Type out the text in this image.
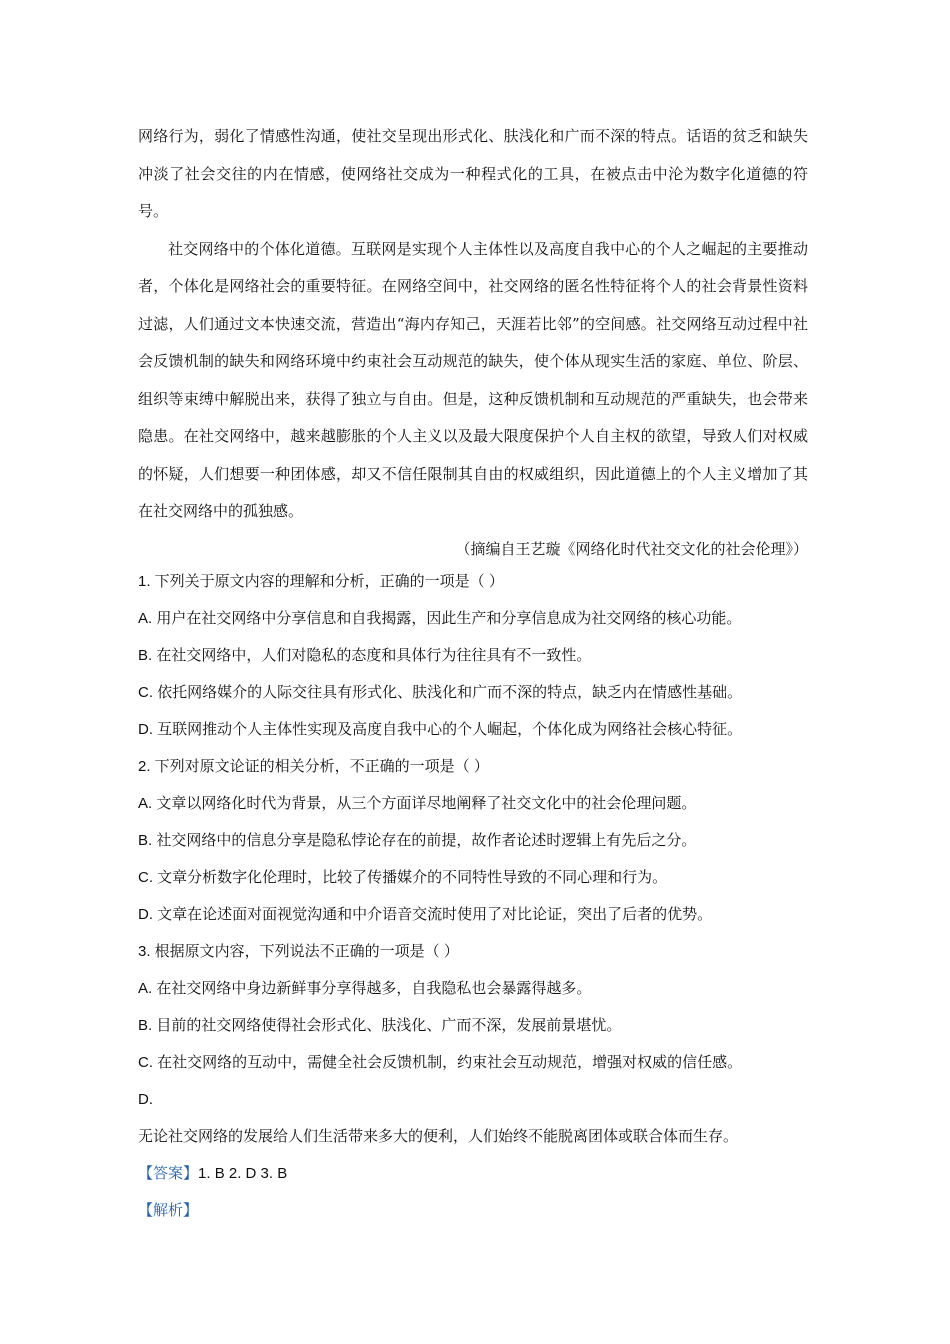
网络行为，弱化了情感性沟通，使社交呈现出形式化、肤浅化和广而不深的特点。话语的贫乏和缺失冲淡了社会交往的内在情感，使网络社交成为一种程式化的工具，在被点击中沦为数字化道德的符号。

社交网络中的个体化道德。互联网是实现个人主体性以及高度自我中心的个人之崛起的主要推动者，个体化是网络社会的重要特征。在网络空间中，社交网络的匿名性特征将个人的社会背景性资料过滤，人们通过文本快速交流，营造出“海内存知己，天涯若比邻”的空间感。社交网络互动过程中社会反馈机制的缺失和网络环境中约束社会互动规范的缺失，使个体从现实生活的家庭、单位、阶层、组织等束缚中解脱出来，获得了独立与自由。但是，这种反馈机制和互动规范的严重缺失，也会带来隐患。在社交网络中，越来越膨胀的个人主义以及最大限度保护个人自主权的欲望，导致人们对权威的怀疑，人们想要一种团体感，却又不信任限制其自由的权威组织，因此道德上的个人主义增加了其在社交网络中的孤独感。

（摘编自王艺璇《网络化时代社交文化的社会伦理》）

1. 下列关于原文内容的理解和分析，正确的一项是（ ）

A. 用户在社交网络中分享信息和自我揭露，因此生产和分享信息成为社交网络的核心功能。

B. 在社交网络中，人们对隐私的态度和具体行为往往具有不一致性。

C. 依托网络媒介的人际交往具有形式化、肤浅化和广而不深的特点，缺乏内在情感性基础。

D. 互联网推动个人主体性实现及高度自我中心的个人崛起，个体化成为网络社会核心特征。

2. 下列对原文论证的相关分析，不正确的一项是（ ）

A. 文章以网络化时代为背景，从三个方面详尽地阐释了社交文化中的社会伦理问题。

B. 社交网络中的信息分享是隐私悖论存在的前提，故作者论述时逻辑上有先后之分。

C. 文章分析数字化伦理时，比较了传播媒介的不同特性导致的不同心理和行为。

D. 文章在论述面对面视觉沟通和中介语音交流时使用了对比论证，突出了后者的优势。

3. 根据原文内容，下列说法不正确的一项是（ ）

A. 在社交网络中身边新鲜事分享得越多，自我隐私也会暴露得越多。

B. 目前的社交网络使得社会形式化、肤浅化、广而不深，发展前景堪忧。

C. 在社交网络的互动中，需健全社会反馈机制，约束社会互动规范，增强对权威的信任感。

D.

无论社交网络的发展给人们生活带来多大的便利，人们始终不能脱离团体或联合体而生存。

【答案】1. B 2. D 3. B

【解析】
